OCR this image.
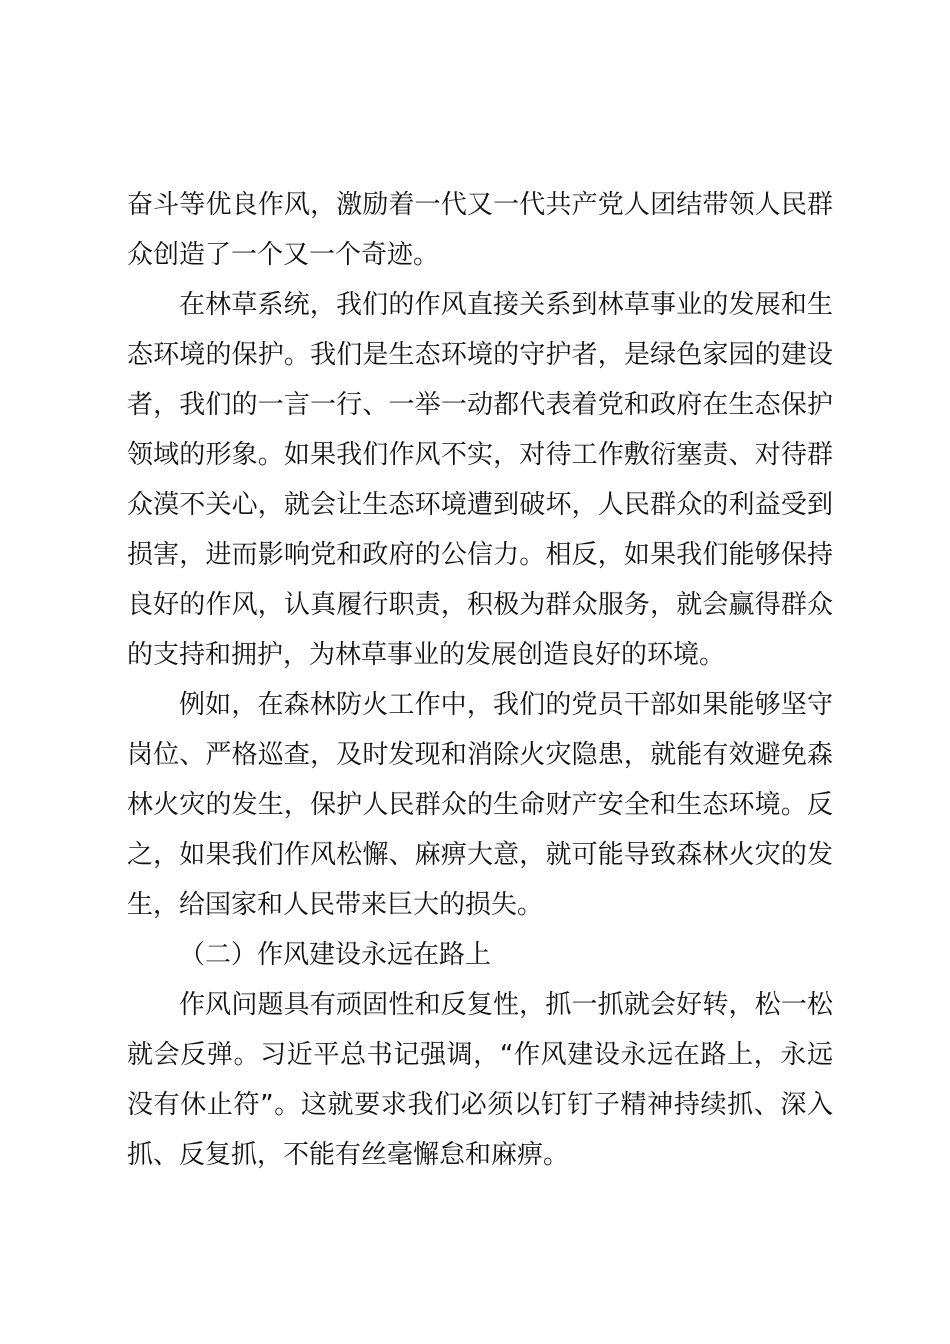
奋斗等优良作风，激励着一代又一代共产党人团结带领人民群众创造了一个又一个奇迹。

在林草系统，我们的作风直接关系到林草事业的发展和生态环境的保护。我们是生态环境的守护者，是绿色家园的建设者，我们的一言一行、一举一动都代表着党和政府在生态保护领域的形象。如果我们作风不实，对待工作敷衍塞责、对待群众漠不关心，就会让生态环境遭到破坏，人民群众的利益受到损害，进而影响党和政府的公信力。相反，如果我们能够保持良好的作风，认真履行职责，积极为群众服务，就会赢得群众的支持和拥护，为林草事业的发展创造良好的环境。

例如，在森林防火工作中，我们的党员干部如果能够坚守岗位、严格巡查，及时发现和消除火灾隐患，就能有效避免森林火灾的发生，保护人民群众的生命财产安全和生态环境。反之，如果我们作风松懈、麻痹大意，就可能导致森林火灾的发生，给国家和人民带来巨大的损失。

（二）作风建设永远在路上

作风问题具有顽固性和反复性，抓一抓就会好转，松一松就会反弹。习近平总书记强调，“作风建设永远在路上，永远没有休止符”。这就要求我们必须以钉钉子精神持续抓、深入抓、反复抓，不能有丝毫懈怠和麻痹。
